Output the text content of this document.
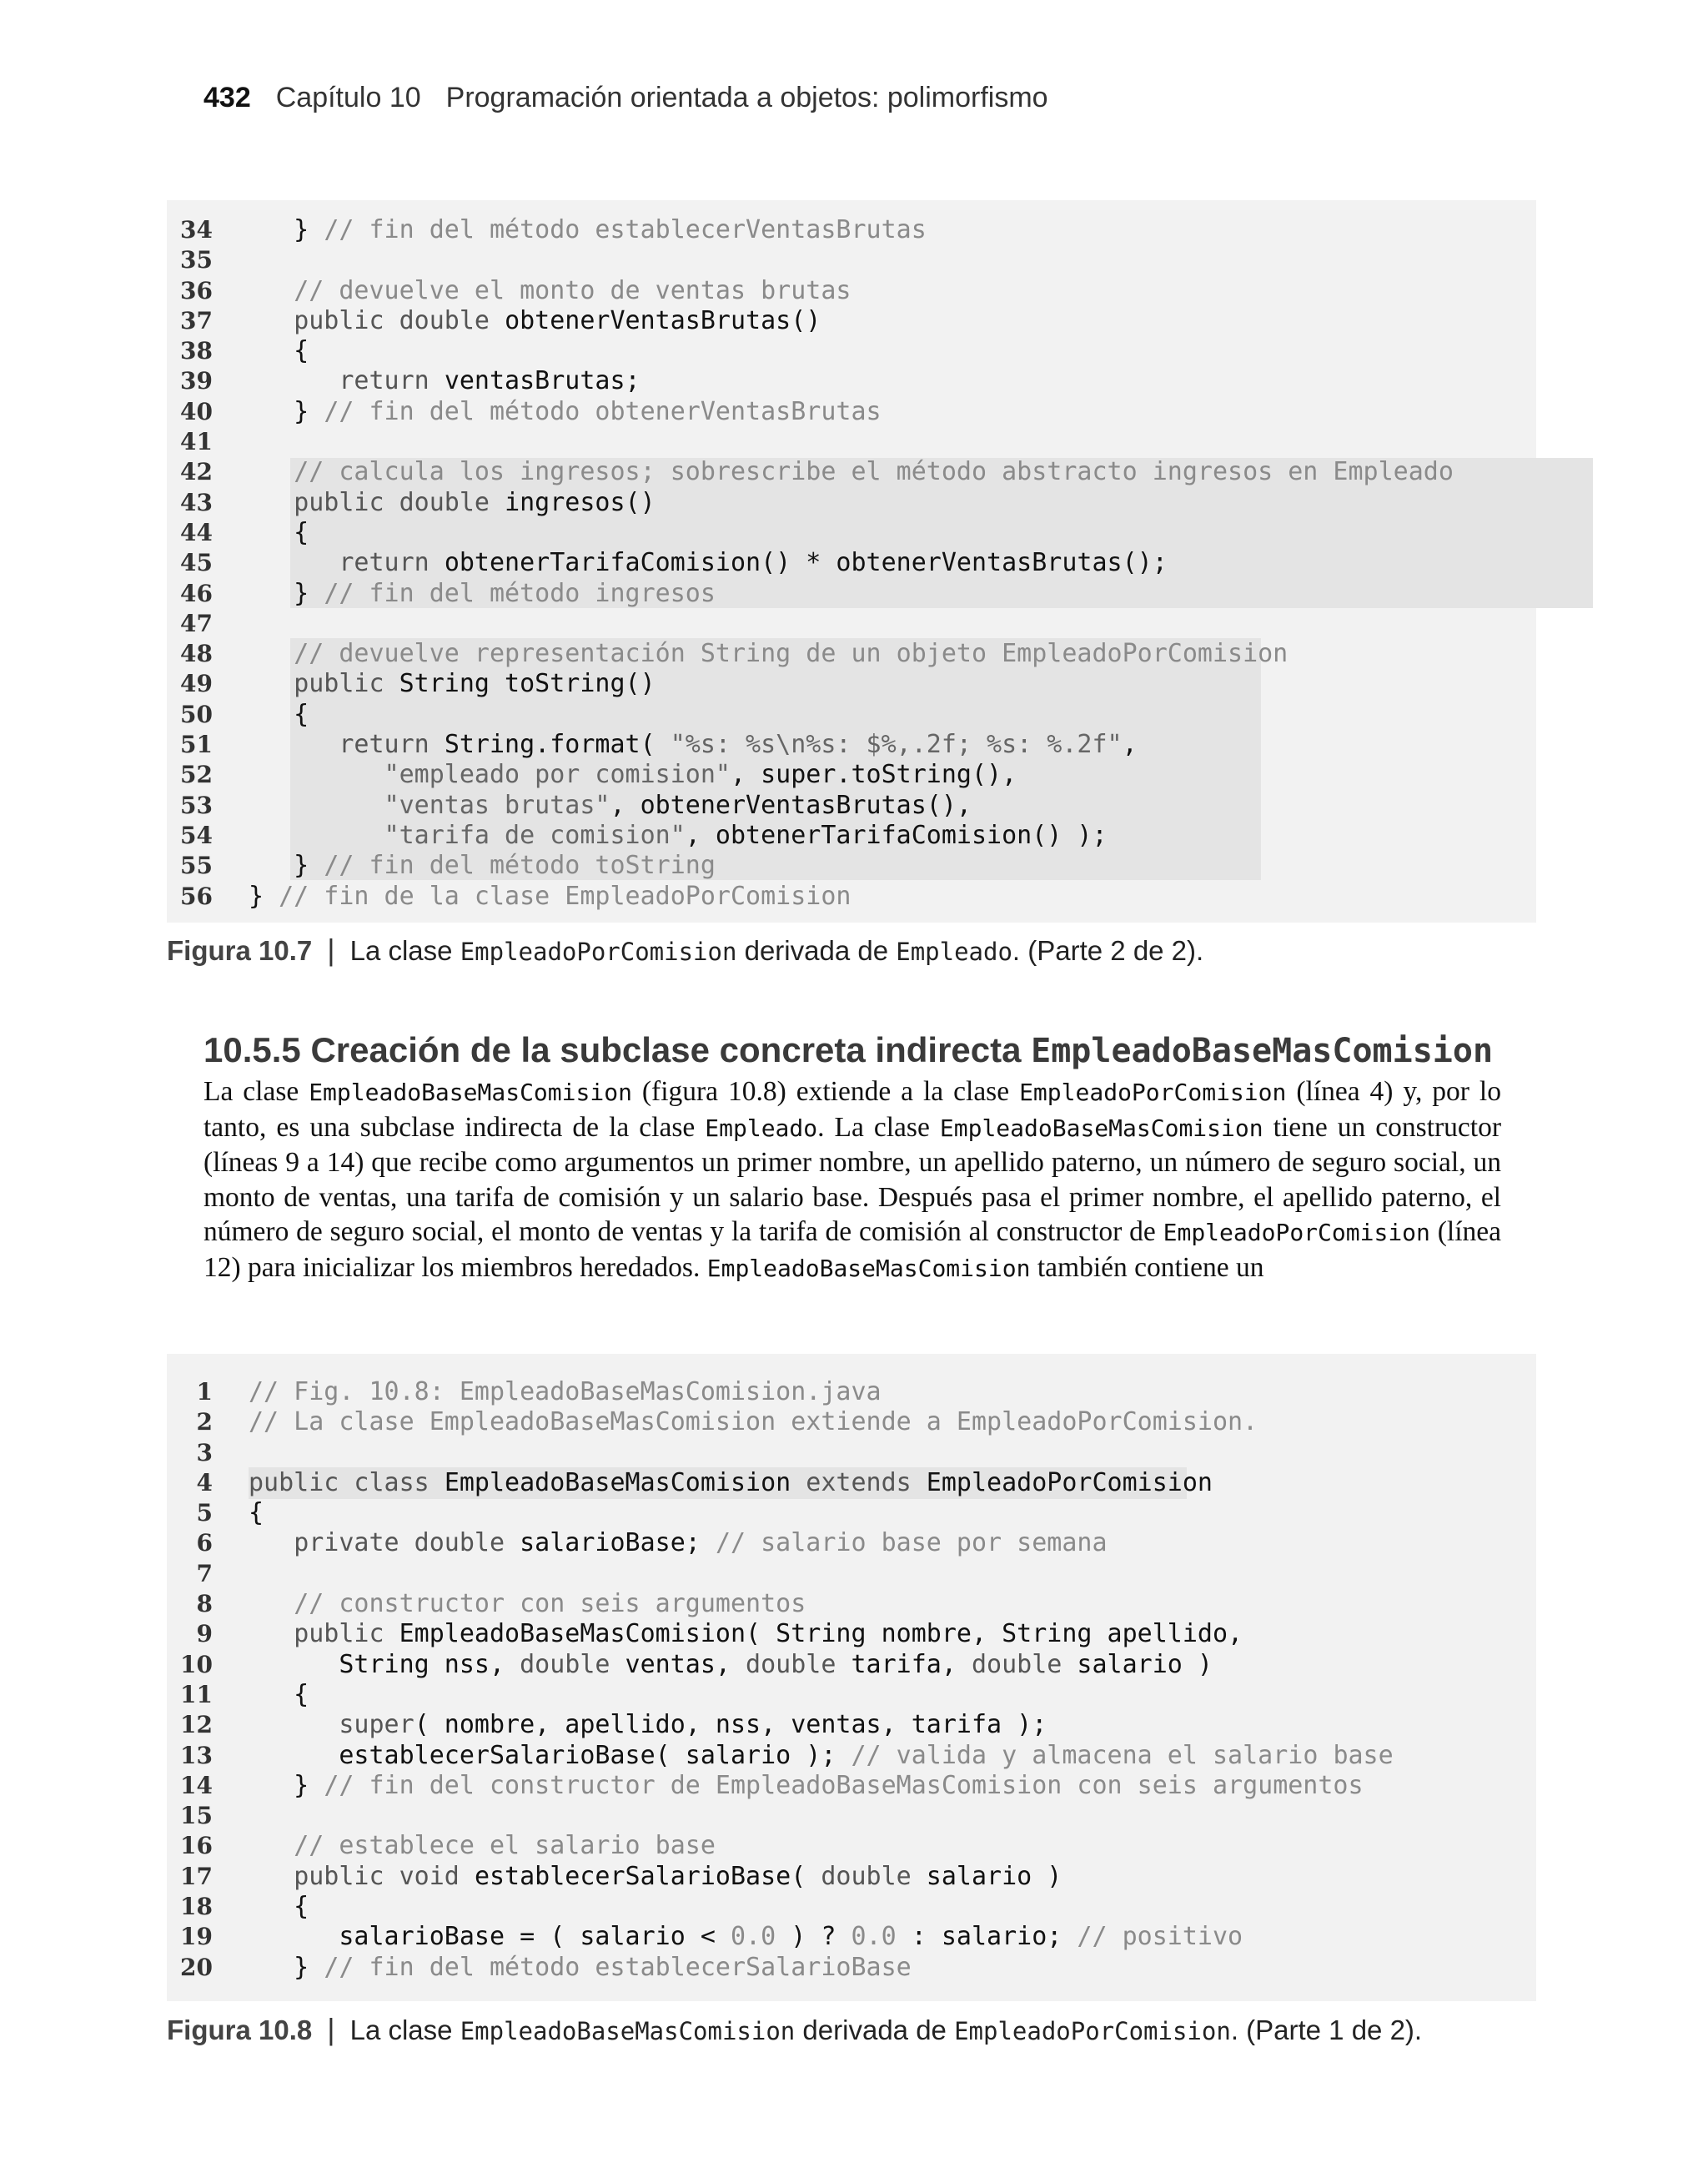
432 Capítulo 10 Programación orientada a objetos: polimorfismo
34 } // fin del método establecerVentasBrutas
35
36	// devuelve el monto de ventas brutas
37	public double obtenerVentasBrutas()
38 {
39	return ventasBrutas;
40 } // fin del método obtenerVentasBrutas
41
42	// calcula los ingresos; sobrescribe el método abstracto ingresos en Empleado
43	public double ingresos()
44 {
45	return obtenerTarifaComision() * obtenerVentasBrutas();
46 } // fin del método ingresos
47
48	// devuelve representación String de un objeto EmpleadoPorComision
49	public String toString()
50 {
51	return String.format( "%s: %s\n%s: $%,.2f; %s: %.2f",
52	"empleado por comision", super.toString(),
53	"ventas brutas", obtenerVentasBrutas(),
54	"tarifa de comision", obtenerTarifaComision() );
55 } // fin del método toString
56 } // fin de la clase EmpleadoPorComision
Figura 10.7 | La clase EmpleadoPorComision derivada de Empleado. (Parte 2 de 2).
10.5.5 Creación de la subclase concreta indirecta EmpleadoBaseMasComision
La clase EmpleadoBaseMasComision (figura 10.8) extiende a la clase EmpleadoPorComision (línea 4) y, por lo tanto, es una subclase indirecta de la clase Empleado. La clase EmpleadoBaseMasComision tiene un constructor (líneas 9 a 14) que recibe como argumentos un primer nombre, un apellido paterno, un número de seguro social, un monto de ventas, una tarifa de comisión y un salario base. Después pasa el primer nombre, el apellido paterno, el número de seguro social, el monto de ventas y la tarifa de comisión al constructor de EmpleadoPorComision (línea 12) para inicializar los miembros heredados. EmpleadoBaseMasComision también contiene un
1 // Fig. 10.8: EmpleadoBaseMasComision.java
2 // La clase EmpleadoBaseMasComision extiende a EmpleadoPorComision.
3
4 public class EmpleadoBaseMasComision extends EmpleadoPorComision
5 {
6	private double salarioBase; // salario base por semana
7
8	// constructor con seis argumentos
9	public EmpleadoBaseMasComision( String nombre, String apellido,
10 String nss, double ventas, double tarifa, double salario )
11 {
12	super( nombre, apellido, nss, ventas, tarifa );
13 establecerSalarioBase( salario ); // valida y almacena el salario base
14 } // fin del constructor de EmpleadoBaseMasComision con seis argumentos
15
16	// establece el salario base
17	public void establecerSalarioBase( double salario )
18 {
19 salarioBase = ( salario < 0.0 ) ? 0.0 : salario; // positivo
20 } // fin del método establecerSalarioBase
Figura 10.8 | La clase EmpleadoBaseMasComision derivada de EmpleadoPorComision. (Parte 1 de 2).
